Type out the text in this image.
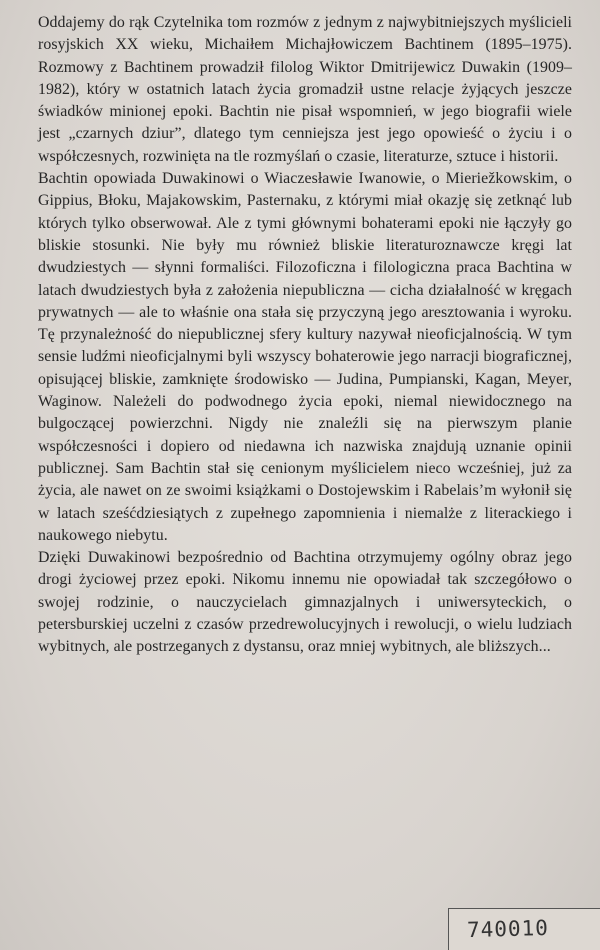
Oddajemy do rąk Czytelnika tom rozmów z jednym z najwybitniejszych myślicieli rosyjskich XX wieku, Michaiłem Michajłowiczem Bachtinem (1895–1975). Rozmowy z Bachtinem prowadził filolog Wiktor Dmitrijewicz Duwakin (1909–1982), który w ostatnich latach życia gromadził ustne relacje żyjących jeszcze świadków minionej epoki. Bachtin nie pisał wspomnień, w jego biografii wiele jest „czarnych dziur”, dlatego tym cenniejsza jest jego opowieść o życiu i o współczesnych, rozwinięta na tle rozmyślań o czasie, literaturze, sztuce i historii.

Bachtin opowiada Duwakinowi o Wiaczesławie Iwanowie, o Mieriežkowskim, o Gippius, Błoku, Majakowskim, Pasternaku, z którymi miał okazję się zetknąć lub których tylko obserwował. Ale z tymi głównymi bohaterami epoki nie łączyły go bliskie stosunki. Nie były mu również bliskie literaturoznawcze kręgi lat dwudziestych — słynni formaliści. Filozoficzna i filologiczna praca Bachtina w latach dwudziestych była z założenia niepubliczna — cicha działalność w kręgach prywatnych — ale to właśnie ona stała się przyczyną jego aresztowania i wyroku. Tę przynależność do niepublicznej sfery kultury nazywał nieoficjalnością. W tym sensie ludźmi nieoficjalnymi byli wszyscy bohaterowie jego narracji biograficznej, opisującej bliskie, zamknięte środowisko — Judina, Pumpianski, Kagan, Meyer, Waginow. Należeli do podwodnego życia epoki, niemal niewidocznego na bulgoczącej powierzchni. Nigdy nie znaleźli się na pierwszym planie współczesności i dopiero od niedawna ich nazwiska znajdują uznanie opinii publicznej. Sam Bachtin stał się cenionym myślicielem nieco wcześniej, już za życia, ale nawet on ze swoimi książkami o Dostojewskim i Rabelais’m wyłonił się w latach sześćdziesiątych z zupełnego zapomnienia i niemalże z literackiego i naukowego niebytu.

Dzięki Duwakinowi bezpośrednio od Bachtina otrzymujemy ogólny obraz jego drogi życiowej przez epoki. Nikomu innemu nie opowiadał tak szczegółowo o swojej rodzinie, o nauczycielach gimnazjalnych i uniwersyteckich, o petersburskiej uczelni z czasów przedrewolucyjnych i rewolucji, o wielu ludziach wybitnych, ale postrzeganych z dystansu, oraz mniej wybitnych, ale bliższych...

740010
